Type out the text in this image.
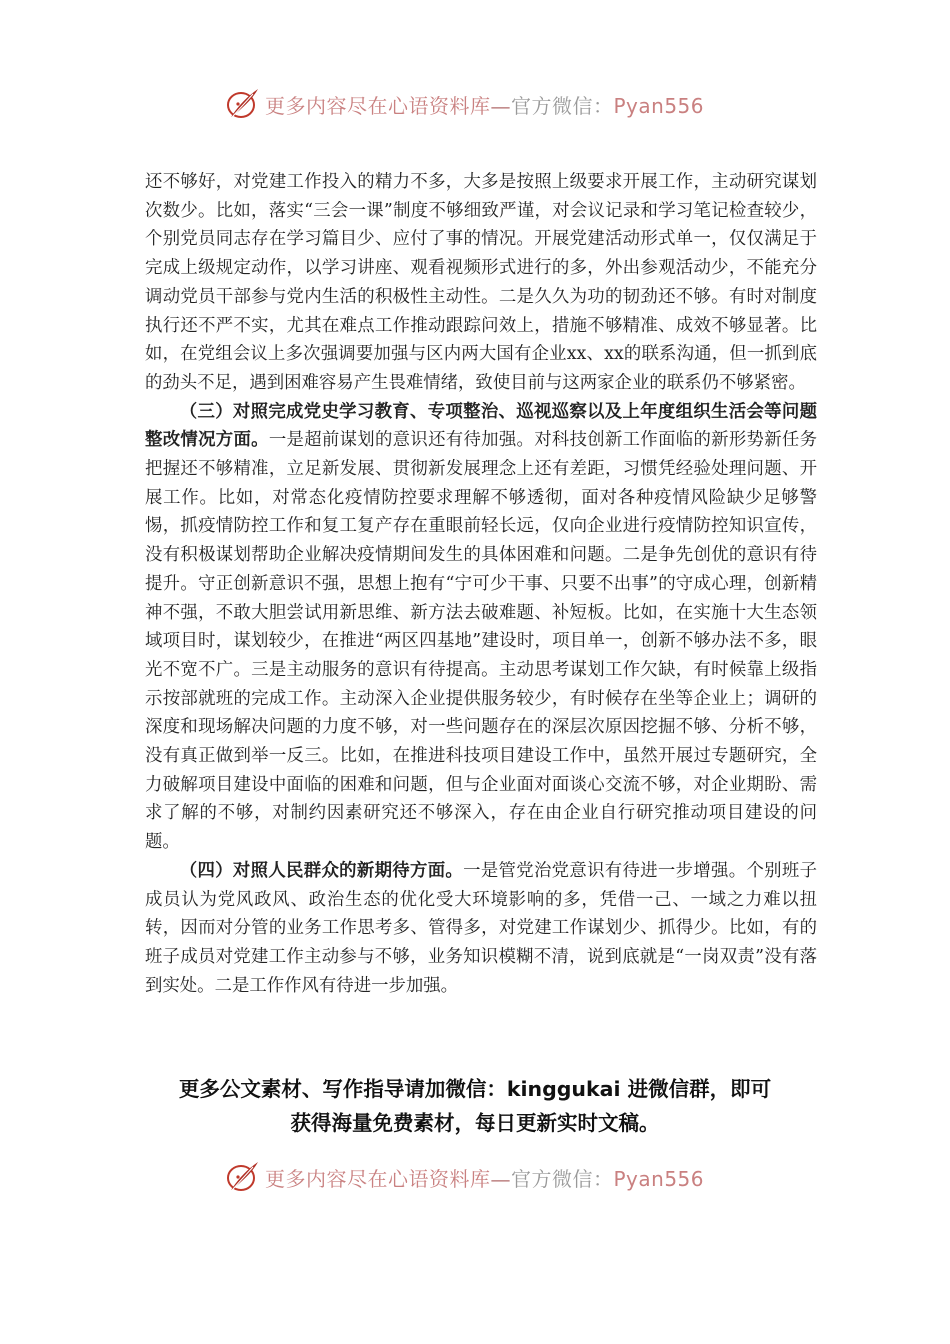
更多内容尽在心语资料库—官方微信：Pyan556

还不够好，对党建工作投入的精力不多，大多是按照上级要求开展工作，主动研究谋划次数少。比如，落实“三会一课”制度不够细致严谨，对会议记录和学习笔记检查较少，个别党员同志存在学习篇目少、应付了事的情况。开展党建活动形式单一，仅仅满足于完成上级规定动作，以学习讲座、观看视频形式进行的多，外出参观活动少，不能充分调动党员干部参与党内生活的积极性主动性。二是久久为功的韧劲还不够。有时对制度执行还不严不实，尤其在难点工作推动跟踪问效上，措施不够精准、成效不够显著。比如，在党组会议上多次强调要加强与区内两大国有企业xx、xx的联系沟通，但一抓到底的劲头不足，遇到困难容易产生畏难情绪，致使目前与这两家企业的联系仍不够紧密。

（三）对照完成党史学习教育、专项整治、巡视巡察以及上年度组织生活会等问题整改情况方面。一是超前谋划的意识还有待加强。对科技创新工作面临的新形势新任务把握还不够精准，立足新发展、贯彻新发展理念上还有差距，习惯凭经验处理问题、开展工作。比如，对常态化疫情防控要求理解不够透彻，面对各种疫情风险缺少足够警惕，抓疫情防控工作和复工复产存在重眼前轻长远，仅向企业进行疫情防控知识宣传，没有积极谋划帮助企业解决疫情期间发生的具体困难和问题。二是争先创优的意识有待提升。守正创新意识不强，思想上抱有“宁可少干事、只要不出事”的守成心理，创新精神不强，不敢大胆尝试用新思维、新方法去破难题、补短板。比如，在实施十大生态领域项目时，谋划较少，在推进“两区四基地”建设时，项目单一，创新不够办法不多，眼光不宽不广。三是主动服务的意识有待提高。主动思考谋划工作欠缺，有时候靠上级指示按部就班的完成工作。主动深入企业提供服务较少，有时候存在坐等企业上；调研的深度和现场解决问题的力度不够，对一些问题存在的深层次原因挖掘不够、分析不够，没有真正做到举一反三。比如，在推进科技项目建设工作中，虽然开展过专题研究，全力破解项目建设中面临的困难和问题，但与企业面对面谈心交流不够，对企业期盼、需求了解的不够，对制约因素研究还不够深入，存在由企业自行研究推动项目建设的问题。

（四）对照人民群众的新期待方面。一是管党治党意识有待进一步增强。个别班子成员认为党风政风、政治生态的优化受大环境影响的多，凭借一己、一域之力难以扭转，因而对分管的业务工作思考多、管得多，对党建工作谋划少、抓得少。比如，有的班子成员对党建工作主动参与不够，业务知识模糊不清，说到底就是“一岗双责”没有落到实处。二是工作作风有待进一步加强。

更多公文素材、写作指导请加微信：kinggukai 进微信群，即可
获得海量免费素材，每日更新实时文稿。
更多内容尽在心语资料库—官方微信：Pyan556
